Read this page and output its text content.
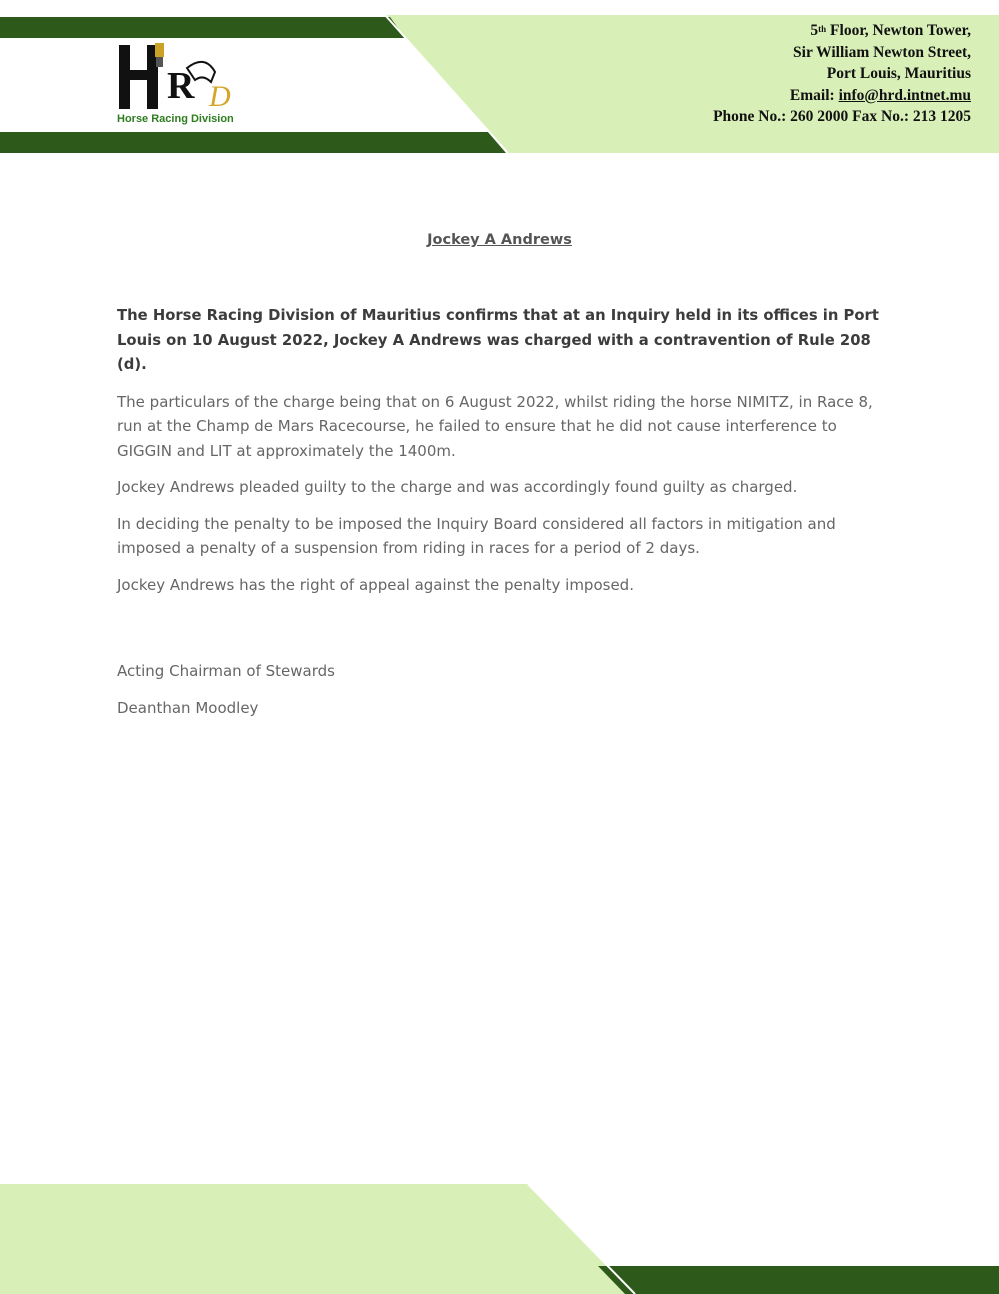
R D
Horse Racing Division
5th Floor, Newton Tower,
Sir William Newton Street,
Port Louis, Mauritius
Email: info@hrd.intnet.mu
Phone No.: 260 2000 Fax No.: 213 1205
Jockey A Andrews

The Horse Racing Division of Mauritius confirms that at an Inquiry held in its offices in Port Louis on 10 August 2022, Jockey A Andrews was charged with a contravention of Rule 208 (d).

The particulars of the charge being that on 6 August 2022, whilst riding the horse NIMITZ, in Race 8, run at the Champ de Mars Racecourse, he failed to ensure that he did not cause interference to GIGGIN and LIT at approximately the 1400m.

Jockey Andrews pleaded guilty to the charge and was accordingly found guilty as charged.

In deciding the penalty to be imposed the Inquiry Board considered all factors in mitigation and imposed a penalty of a suspension from riding in races for a period of 2 days.

Jockey Andrews has the right of appeal against the penalty imposed.

Acting Chairman of Stewards

Deanthan Moodley
